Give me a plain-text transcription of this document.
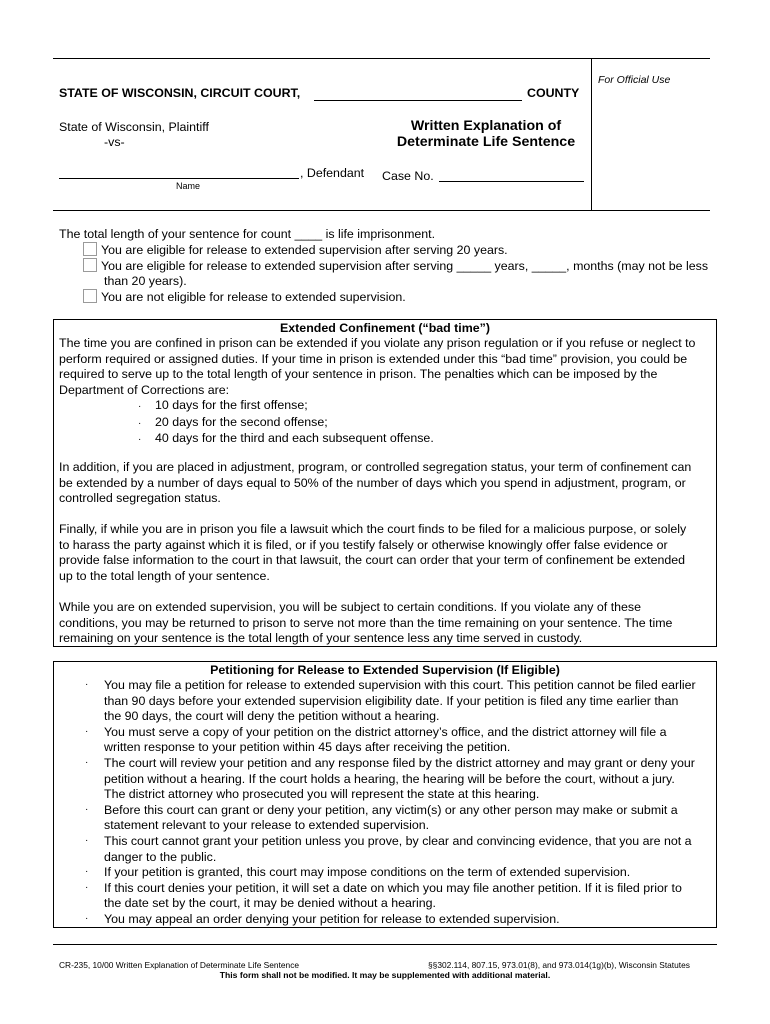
For Official Use
STATE OF WISCONSIN, CIRCUIT COURT,	COUNTY
State of Wisconsin, Plaintiff
-vs-
Written Explanation of
Determinate Life Sentence
, Defendant
Name
Case No.
The total length of your sentence for count ____ is life imprisonment.
You are eligible for release to extended supervision after serving 20 years.
You are eligible for release to extended supervision after serving _____ years, _____, months (may not be less
than 20 years).
You are not eligible for release to extended supervision.
Extended Confinement (“bad time”)

The time you are confined in prison can be extended if you violate any prison regulation or if you refuse or neglect to

perform required or assigned duties. If your time in prison is extended under this “bad time” provision, you could be

required to serve up to the total length of your sentence in prison. The penalties which can be imposed by the

Department of Corrections are:

· 10 days for the first offense;
· 20 days for the second offense;
· 40 days for the third and each subsequent offense.

In addition, if you are placed in adjustment, program, or controlled segregation status, your term of confinement can

be extended by a number of days equal to 50% of the number of days which you spend in adjustment, program, or

controlled segregation status.

Finally, if while you are in prison you file a lawsuit which the court finds to be filed for a malicious purpose, or solely

to harass the party against which it is filed, or if you testify falsely or otherwise knowingly offer false evidence or

provide false information to the court in that lawsuit, the court can order that your term of confinement be extended

up to the total length of your sentence.

While you are on extended supervision, you will be subject to certain conditions. If you violate any of these

conditions, you may be returned to prison to serve not more than the time remaining on your sentence. The time

remaining on your sentence is the total length of your sentence less any time served in custody.

Petitioning for Release to Extended Supervision (If Eligible)
· You may file a petition for release to extended supervision with this court. This petition cannot be filed earlier

than 90 days before your extended supervision eligibility date. If your petition is filed any time earlier than

the 90 days, the court will deny the petition without a hearing.

· You must serve a copy of your petition on the district attorney’s office, and the district attorney will file a

written response to your petition within 45 days after receiving the petition.

· The court will review your petition and any response filed by the district attorney and may grant or deny your

petition without a hearing. If the court holds a hearing, the hearing will be before the court, without a jury.

The district attorney who prosecuted you will represent the state at this hearing.

· Before this court can grant or deny your petition, any victim(s) or any other person may make or submit a

statement relevant to your release to extended supervision.

· This court cannot grant your petition unless you prove, by clear and convincing evidence, that you are not a

danger to the public.

· If your petition is granted, this court may impose conditions on the term of extended supervision.

· If this court denies your petition, it will set a date on which you may file another petition. If it is filed prior to

the date set by the court, it may be denied without a hearing.

· You may appeal an order denying your petition for release to extended supervision.

CR-235, 10/00 Written Explanation of Determinate Life Sentence	§§302.114, 807.15, 973.01(8), and 973.014(1g)(b), Wisconsin Statutes
This form shall not be modified. It may be supplemented with additional material.
